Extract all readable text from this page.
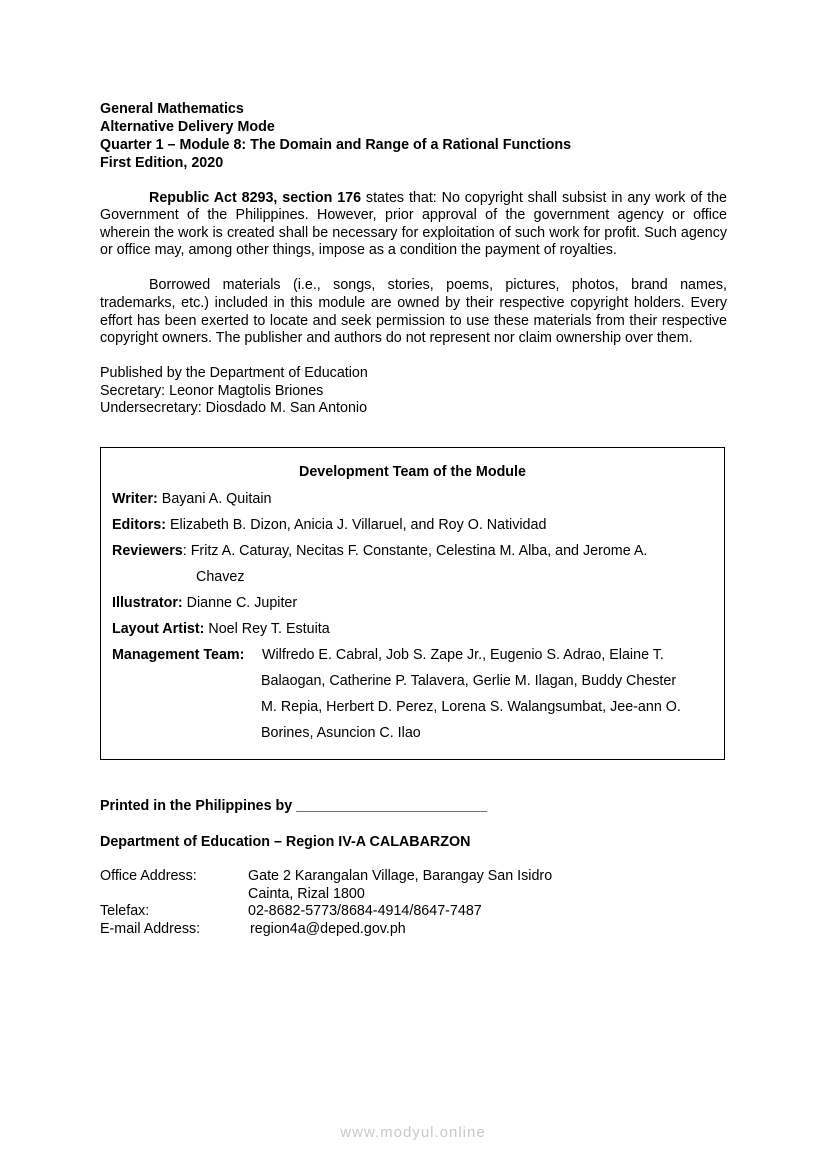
General Mathematics
Alternative Delivery Mode
Quarter 1 – Module 8: The Domain and Range of a Rational Functions
First Edition, 2020

Republic Act 8293, section 176 states that: No copyright shall subsist in any work of the Government of the Philippines. However, prior approval of the government agency or office wherein the work is created shall be necessary for exploitation of such work for profit. Such agency or office may, among other things, impose as a condition the payment of royalties.

Borrowed materials (i.e., songs, stories, poems, pictures, photos, brand names, trademarks, etc.) included in this module are owned by their respective copyright holders. Every effort has been exerted to locate and seek permission to use these materials from their respective copyright owners. The publisher and authors do not represent nor claim ownership over them.

Published by the Department of Education
Secretary: Leonor Magtolis Briones
Undersecretary: Diosdado M. San Antonio
Development Team of the Module
Writer: Bayani A. Quitain
Editors: Elizabeth B. Dizon, Anicia J. Villaruel, and Roy O. Natividad
Reviewers: Fritz A. Caturay, Necitas F. Constante, Celestina M. Alba, and Jerome A.
Chavez
Illustrator: Dianne C. Jupiter
Layout Artist: Noel Rey T. Estuita
Management Team: Wilfredo E. Cabral, Job S. Zape Jr., Eugenio S. Adrao, Elaine T.
Balaogan, Catherine P. Talavera, Gerlie M. Ilagan, Buddy Chester
M. Repia, Herbert D. Perez, Lorena S. Walangsumbat, Jee-ann O.
Borines, Asuncion C. Ilao
Printed in the Philippines by ________________________
Department of Education – Region IV-A CALABARZON
Office Address:	Gate 2 Karangalan Village, Barangay San Isidro
Cainta, Rizal 1800
Telefax:	02-8682-5773/8684-4914/8647-7487
E-mail Address:	region4a@deped.gov.ph
www.modyul.online
